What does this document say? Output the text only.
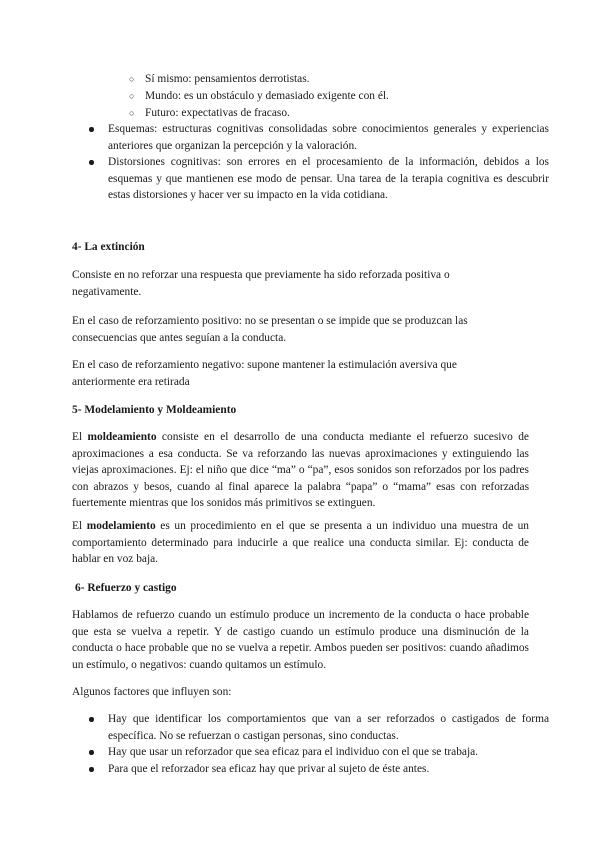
○ Sí mismo: pensamientos derrotistas.
○ Mundo: es un obstáculo y demasiado exigente con él.
○ Futuro: expectativas de fracaso.
Esquemas: estructuras cognitivas consolidadas sobre conocimientos generales y experiencias anteriores que organizan la percepción y la valoración.
Distorsiones cognitivas: son errores en el procesamiento de la información, debidos a los esquemas y que mantienen ese modo de pensar. Una tarea de la terapia cognitiva es descubrir estas distorsiones y hacer ver su impacto en la vida cotidiana.
4- La extinción
Consiste en no reforzar una respuesta que previamente ha sido reforzada positiva o negativamente.
En el caso de reforzamiento positivo: no se presentan o se impide que se produzcan las consecuencias que antes seguían a la conducta.
En el caso de reforzamiento negativo: supone mantener la estimulación aversiva que anteriormente era retirada
5- Modelamiento y Moldeamiento
El moldeamiento consiste en el desarrollo de una conducta mediante el refuerzo sucesivo de aproximaciones a esa conducta. Se va reforzando las nuevas aproximaciones y extinguiendo las viejas aproximaciones. Ej: el niño que dice “ma” o “pa”, esos sonidos son reforzados por los padres con abrazos y besos, cuando al final aparece la palabra “papa” o “mama” esas con reforzadas fuertemente mientras que los sonidos más primitivos se extinguen.
El modelamiento es un procedimiento en el que se presenta a un individuo una muestra de un comportamiento determinado para inducirle a que realice una conducta similar. Ej: conducta de hablar en voz baja.
6- Refuerzo y castigo
Hablamos de refuerzo cuando un estímulo produce un incremento de la conducta o hace probable que esta se vuelva a repetir. Y de castigo cuando un estímulo produce una disminución de la conducta o hace probable que no se vuelva a repetir. Ambos pueden ser positivos: cuando añadimos un estímulo, o negativos: cuando quitamos un estímulo.
Algunos factores que influyen son:
Hay que identificar los comportamientos que van a ser reforzados o castigados de forma específica. No se refuerzan o castigan personas, sino conductas.
Hay que usar un reforzador que sea eficaz para el individuo con el que se trabaja.
Para que el reforzador sea eficaz hay que privar al sujeto de éste antes.
